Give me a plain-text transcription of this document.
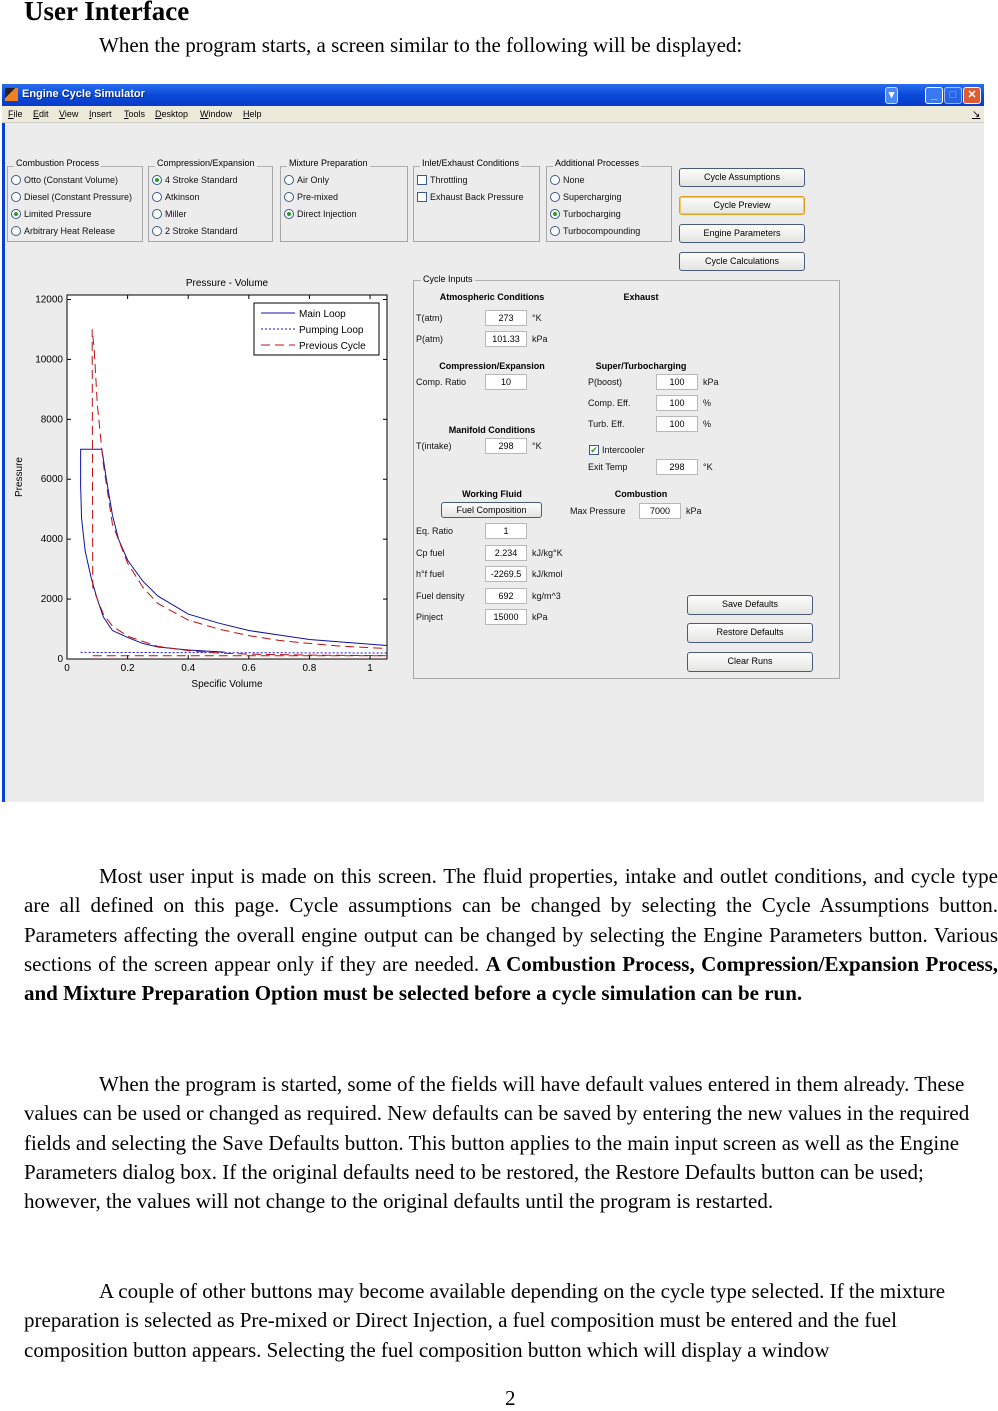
User Interface
When the program starts, a screen similar to the following will be displayed:
Engine Cycle Simulator	▾	_	□	✕
File Edit View Insert Tools Desktop Window Help	↘
Combustion Process
Otto (Constant Volume)
Diesel (Constant Pressure)
Limited Pressure
Arbitrary Heat Release
Compression/Expansion
4 Stroke Standard
Atkinson
Miller
2 Stroke Standard
Mixture Preparation
Air Only
Pre-mixed
Direct Injection
Inlet/Exhaust Conditions
Throttling
Exhaust Back Pressure
Additional Processes
None
Supercharging
Turbocharging
Turbocompounding
Cycle Assumptions
Cycle Preview
Engine Parameters
Cycle Calculations
Cycle Inputs
Atmospheric Conditions	Exhaust
Compression/Expansion	Super/Turbocharging
Manifold Conditions
Working Fluid	Combustion
T(atm)	273	°K
P(atm)	101.33	kPa
Comp. Ratio	10
T(intake)	298	°K
Eq. Ratio	1
Cp fuel	2.234	kJ/kg°K
h°f fuel	-2269.5	kJ/kmol
Fuel density	692	kg/m^3
Pinject	15000	kPa
P(boost)	100	kPa
Comp. Eff.	100	%
Turb. Eff.	100	%
Exit Temp	298	°K
Max Pressure	7000	kPa
✔ Intercooler
Fuel Composition
Save Defaults
Restore Defaults
Clear Runs
Pressure - Volume
Specific Volume
Pressure
0	0.2	0.4	0.6	0.8	1
0
2000
4000
6000
8000
10000
12000
Main Loop
Pumping Loop
Previous Cycle
Most user input is made on this screen. The fluid properties, intake and outlet conditions, and cycle type are all defined on this page. Cycle assumptions can be changed by selecting the Cycle Assumptions button. Parameters affecting the overall engine output can be changed by selecting the Engine Parameters button. Various sections of the screen appear only if they are needed. A Combustion Process, Compression/Expansion Process, and Mixture Preparation Option must be selected before a cycle simulation can be run.
When the program is started, some of the fields will have default values entered in them already. These values can be used or changed as required. New defaults can be saved by entering the new values in the required fields and selecting the Save Defaults button. This button applies to the main input screen as well as the Engine Parameters dialog box. If the original defaults need to be restored, the Restore Defaults button can be used; however, the values will not change to the original defaults until the program is restarted.
A couple of other buttons may become available depending on the cycle type selected. If the mixture preparation is selected as Pre-mixed or Direct Injection, a fuel composition must be entered and the fuel composition button appears. Selecting the fuel composition button which will display a window
2
